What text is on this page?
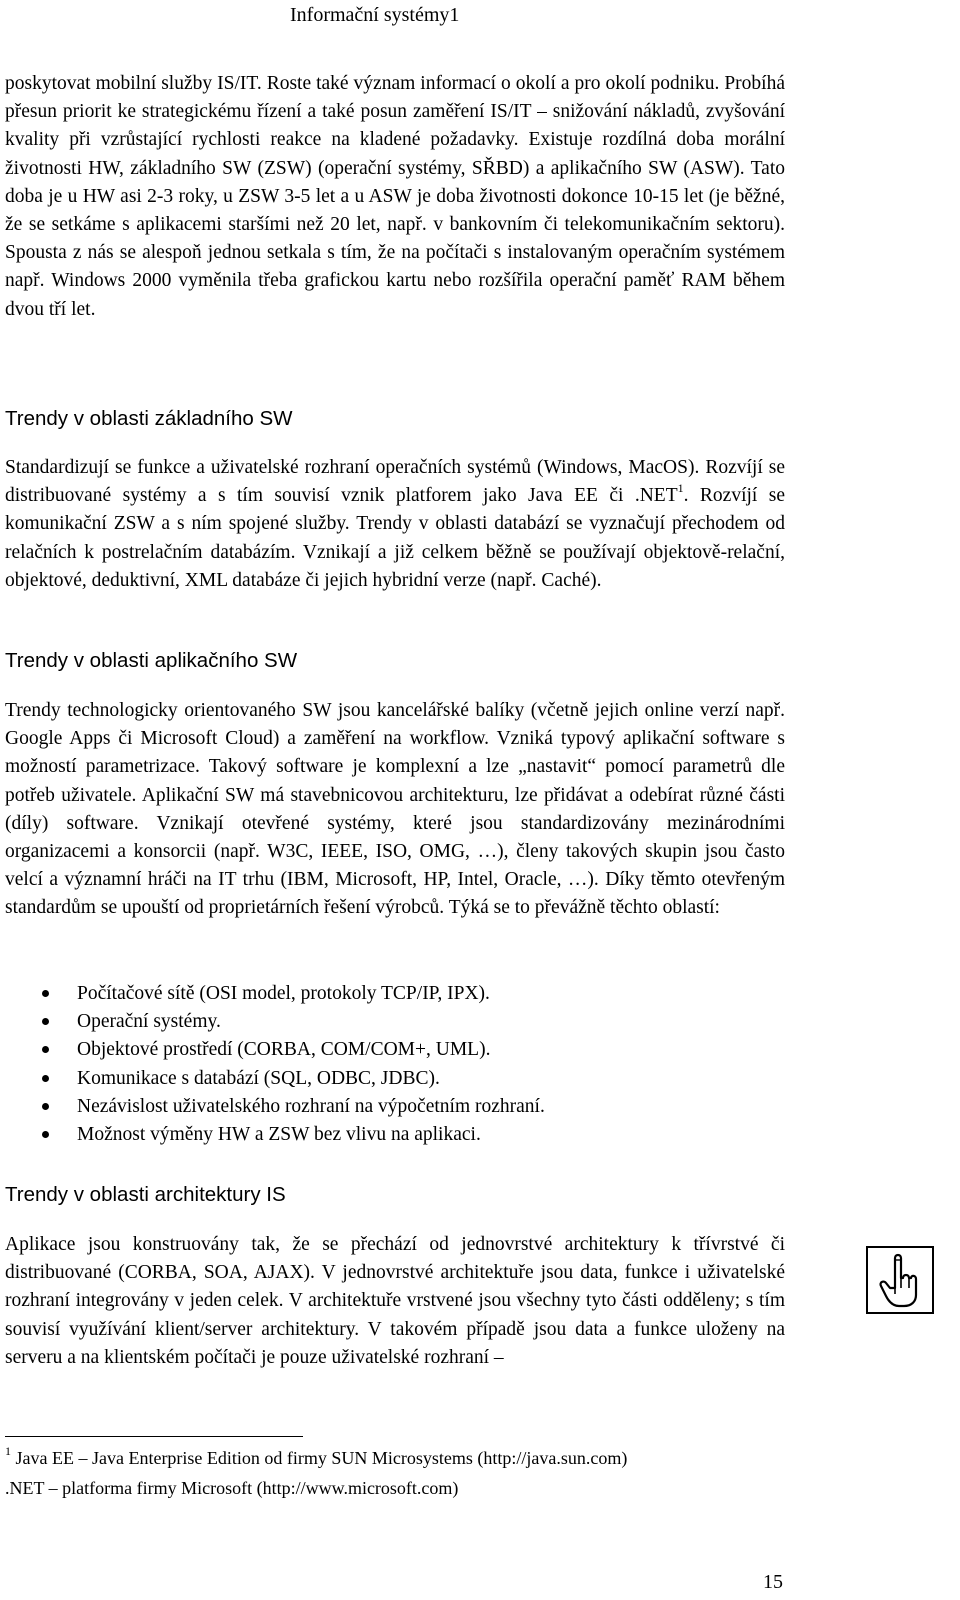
Informační systémy1

poskytovat mobilní služby IS/IT. Roste také význam informací o okolí a pro okolí podniku. Probíhá přesun priorit ke strategickému řízení a také posun zaměření IS/IT – snižování nákladů, zvyšování kvality při vzrůstající rychlosti reakce na kladené požadavky. Existuje rozdílná doba morální životnosti HW, základního SW (ZSW) (operační systémy, SŘBD) a aplikačního SW (ASW). Tato doba je u HW asi 2-3 roky, u ZSW 3-5 let a u ASW je doba životnosti dokonce 10-15 let (je běžné, že se setkáme s aplikacemi staršími než 20 let, např. v bankovním či telekomunikačním sektoru). Spousta z nás se alespoň jednou setkala s tím, že na počítači s instalovaným operačním systémem např. Windows 2000 vyměnila třeba grafickou kartu nebo rozšířila operační paměť RAM během dvou tří let.

Trendy v oblasti základního SW

Standardizují se funkce a uživatelské rozhraní operačních systémů (Windows, MacOS). Rozvíjí se distribuované systémy a s tím souvisí vznik platforem jako Java EE či .NET$^1$. Rozvíjí se komunikační ZSW a s ním spojené služby. Trendy v oblasti databází se vyznačují přechodem od relačních k postrelačním databázím. Vznikají a již celkem běžně se používají objektově-relační, objektové, deduktivní, XML databáze či jejich hybridní verze (např. Caché).

Trendy v oblasti aplikačního SW

Trendy technologicky orientovaného SW jsou kancelářské balíky (včetně jejich online verzí např. Google Apps či Microsoft Cloud) a zaměření na workflow. Vzniká typový aplikační software s možností parametrizace. Takový software je komplexní a lze „nastavit“ pomocí parametrů dle potřeb uživatele. Aplikační SW má stavebnicovou architekturu, lze přidávat a odebírat různé části (díly) software. Vznikají otevřené systémy, které jsou standardizovány mezinárodními organizacemi a konsorcii (např. W3C, IEEE, ISO, OMG, …), členy takových skupin jsou často velcí a významní hráči na IT trhu (IBM, Microsoft, HP, Intel, Oracle, …). Díky těmto otevřeným standardům se upouští od proprietárních řešení výrobců. Týká se to převážně těchto oblastí:

Počítačové sítě (OSI model, protokoly TCP/IP, IPX).
Operační systémy.
Objektové prostředí (CORBA, COM/COM+, UML).
Komunikace s databází (SQL, ODBC, JDBC).
Nezávislost uživatelského rozhraní na výpočetním rozhraní.
Možnost výměny HW a ZSW bez vlivu na aplikaci.
Trendy v oblasti architektury IS

Aplikace jsou konstruovány tak, že se přechází od jednovrstvé architektury k třívrstvé či distribuované (CORBA, SOA, AJAX). V jednovrstvé architektuře jsou data, funkce i uživatelské rozhraní integrovány v jeden celek. V architektuře vrstvené jsou všechny tyto části odděleny; s tím souvisí využívání klient/server architektury. V takovém případě jsou data a funkce uloženy na serveru a na klientském počítači je pouze uživatelské rozhraní –

$^1$ Java EE – Java Enterprise Edition od firmy SUN Microsystems (http://java.sun.com)
.NET – platforma firmy Microsoft (http://www.microsoft.com)
15
